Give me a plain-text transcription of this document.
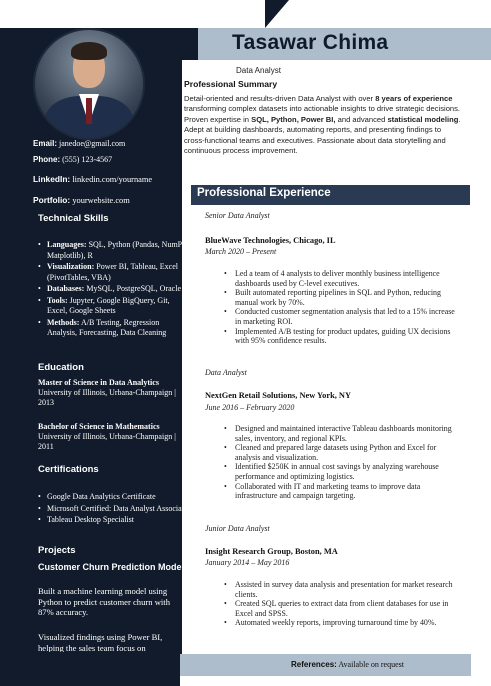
Tasawar Chima
Data Analyst
Email: janedoe@gmail.com
Phone: (555) 123-4567
LinkedIn: linkedin.com/yourname
Portfolio: yourwebsite.com
Technical Skills
• Languages: SQL, Python (Pandas, NumPy, Matplotlib), R
• Visualization: Power BI, Tableau, Excel (PivotTables, VBA)
• Databases: MySQL, PostgreSQL, Oracle
• Tools: Jupyter, Google BigQuery, Git, Excel, Google Sheets
• Methods: A/B Testing, Regression Analysis, Forecasting, Data Cleaning
Education
Master of Science in Data Analytics
University of Illinois, Urbana-Champaign | 2013
Bachelor of Science in Mathematics
University of Illinois, Urbana-Champaign | 2011
Certifications
• Google Data Analytics Certificate
• Microsoft Certified: Data Analyst Associate
• Tableau Desktop Specialist
Projects
Customer Churn Prediction Model
Built a machine learning model using Python to predict customer churn with 87% accuracy.
Visualized findings using Power BI, helping the sales team focus on
Professional Summary
Detail-oriented and results-driven Data Analyst with over 8 years of experience transforming complex datasets into actionable insights to drive strategic decisions. Proven expertise in SQL, Python, Power BI, and advanced statistical modeling. Adept at building dashboards, automating reports, and presenting findings to cross-functional teams and executives. Passionate about data storytelling and continuous process improvement.
Professional Experience
Senior Data Analyst
BlueWave Technologies, Chicago, IL
March 2020 – Present
• Led a team of 4 analysts to deliver monthly business intelligence dashboards used by C-level executives.
• Built automated reporting pipelines in SQL and Python, reducing manual work by 70%.
• Conducted customer segmentation analysis that led to a 15% increase in marketing ROI.
• Implemented A/B testing for product updates, guiding UX decisions with 95% confidence results.
Data Analyst
NextGen Retail Solutions, New York, NY
June 2016 – February 2020
• Designed and maintained interactive Tableau dashboards monitoring sales, inventory, and regional KPIs.
• Cleaned and prepared large datasets using Python and Excel for analysis and visualization.
• Identified $250K in annual cost savings by analyzing warehouse performance and optimizing logistics.
• Collaborated with IT and marketing teams to improve data infrastructure and campaign targeting.
Junior Data Analyst
Insight Research Group, Boston, MA
January 2014 – May 2016
• Assisted in survey data analysis and presentation for market research clients.
• Created SQL queries to extract data from client databases for use in Excel and SPSS.
• Automated weekly reports, improving turnaround time by 40%.
References: Available on request
